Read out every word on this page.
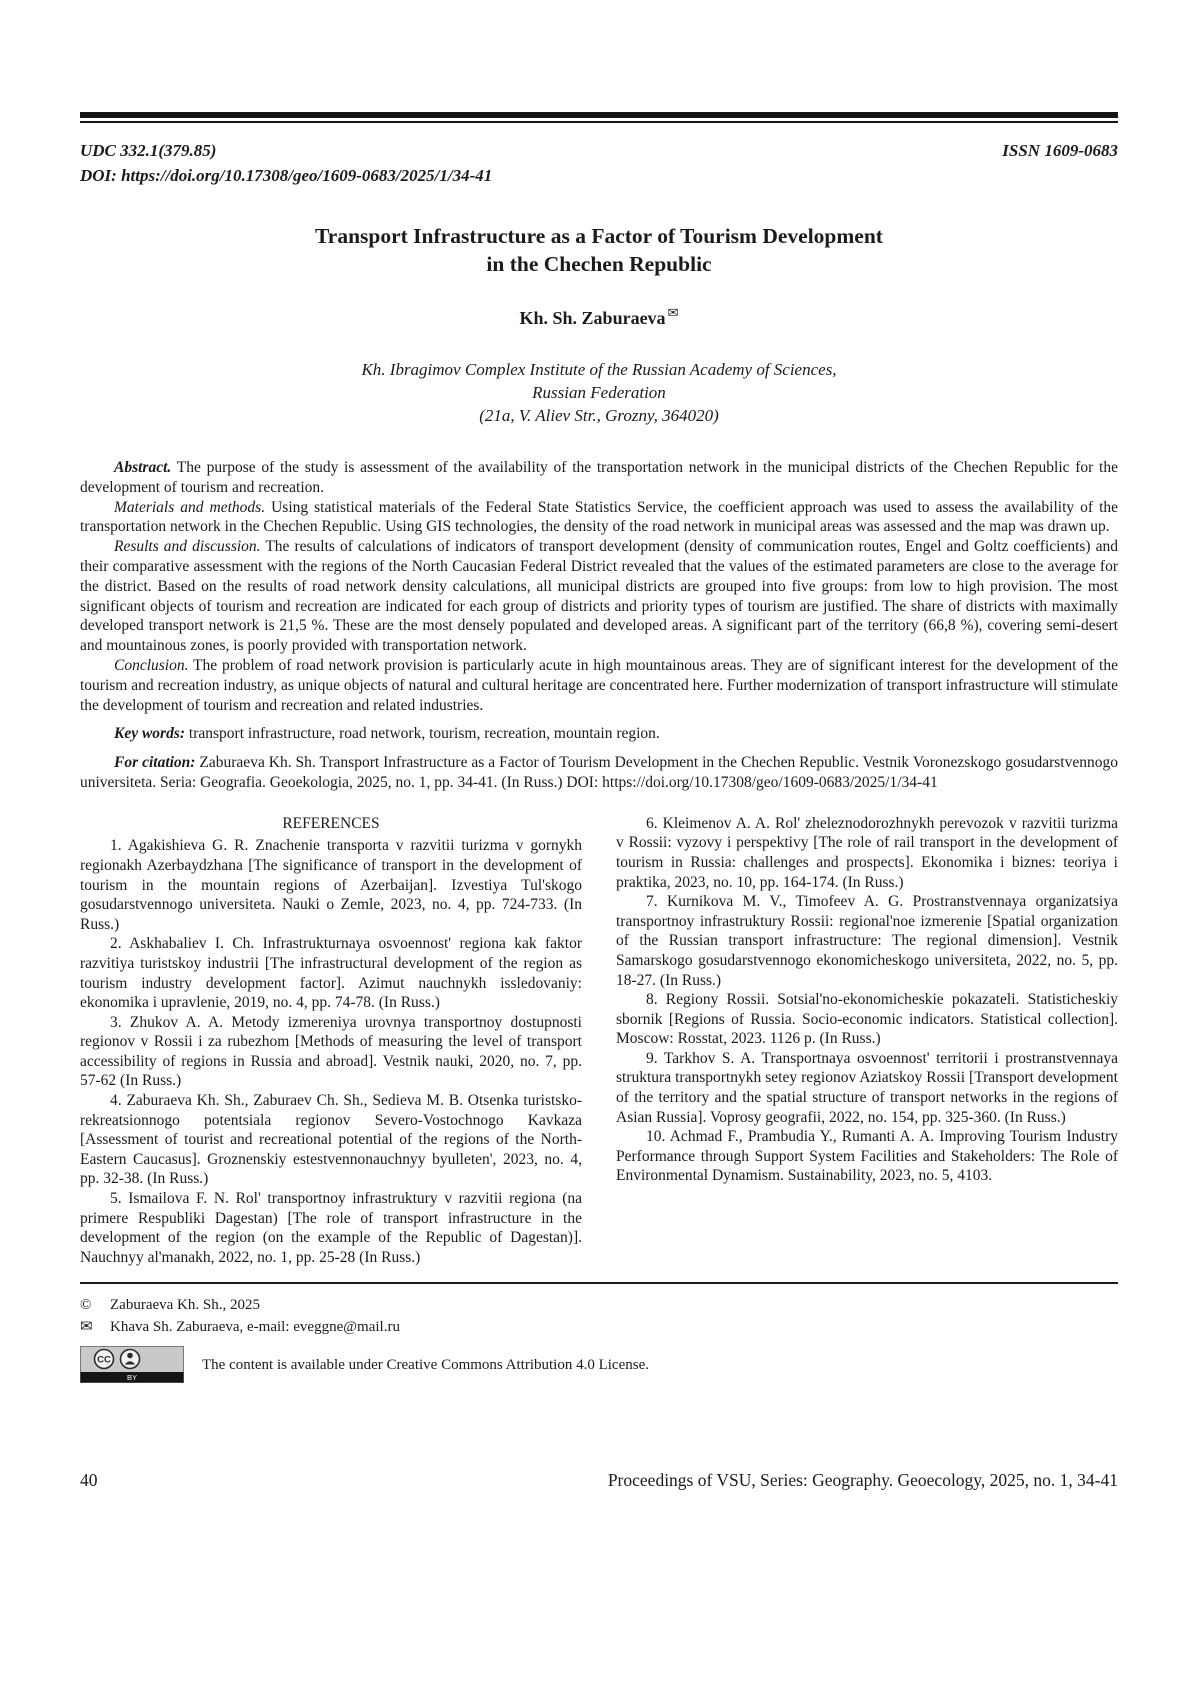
UDC 332.1(379.85)	ISSN 1609-0683
DOI: https://doi.org/10.17308/geo/1609-0683/2025/1/34-41
Transport Infrastructure as a Factor of Tourism Development
in the Chechen Republic
Kh. Sh. Zaburaeva ✉
Kh. Ibragimov Complex Institute of the Russian Academy of Sciences,
Russian Federation
(21a, V. Aliev Str., Grozny, 364020)

Abstract. The purpose of the study is assessment of the availability of the transportation network in the municipal districts of the Chechen Republic for the development of tourism and recreation.

Materials and methods. Using statistical materials of the Federal State Statistics Service, the coefficient approach was used to assess the availability of the transportation network in the Chechen Republic. Using GIS technologies, the density of the road network in municipal areas was assessed and the map was drawn up.

Results and discussion. The results of calculations of indicators of transport development (density of communication routes, Engel and Goltz coefficients) and their comparative assessment with the regions of the North Caucasian Federal District revealed that the values of the estimated parameters are close to the average for the district. Based on the results of road network density calculations, all municipal districts are grouped into five groups: from low to high provision. The most significant objects of tourism and recreation are indicated for each group of districts and priority types of tourism are justified. The share of districts with maximally developed transport network is 21,5 %. These are the most densely populated and developed areas. A significant part of the territory (66,8 %), covering semi-desert and mountainous zones, is poorly provided with transportation network.

Conclusion. The problem of road network provision is particularly acute in high mountainous areas. They are of significant interest for the development of the tourism and recreation industry, as unique objects of natural and cultural heritage are concentrated here. Further modernization of transport infrastructure will stimulate the development of tourism and recreation and related industries.

Key words: transport infrastructure, road network, tourism, recreation, mountain region.

For citation: Zaburaeva Kh. Sh. Transport Infrastructure as a Factor of Tourism Development in the Chechen Republic. Vestnik Voronezskogo gosudarstvennogo universiteta. Seria: Geografia. Geoekologia, 2025, no. 1, pp. 34-41. (In Russ.) DOI: https://doi.org/10.17308/geo/1609-0683/2025/1/34-41

REFERENCES

1. Agakishieva G. R. Znachenie transporta v razvitii turizma v gornykh regionakh Azerbaydzhana [The significance of transport in the development of tourism in the mountain regions of Azerbaijan]. Izvestiya Tul'skogo gosudarstvennogo universiteta. Nauki o Zemle, 2023, no. 4, pp. 724-733. (In Russ.)

2. Askhabaliev I. Ch. Infrastrukturnaya osvoennost' regiona kak faktor razvitiya turistskoy industrii [The infrastructural development of the region as tourism industry development factor]. Azimut nauchnykh issledovaniy: ekonomika i upravlenie, 2019, no. 4, pp. 74-78. (In Russ.)

3. Zhukov A. A. Metody izmereniya urovnya transportnoy dostupnosti regionov v Rossii i za rubezhom [Methods of measuring the level of transport accessibility of regions in Russia and abroad]. Vestnik nauki, 2020, no. 7, pp. 57-62 (In Russ.)

4. Zaburaeva Kh. Sh., Zaburaev Ch. Sh., Sedieva M. B. Otsenka turistsko-rekreatsionnogo potentsiala regionov Severo-Vostochnogo Kavkaza [Assessment of tourist and recreational potential of the regions of the North-Eastern Caucasus]. Groznenskiy estestvennonauchnyy byulleten', 2023, no. 4, pp. 32-38. (In Russ.)

5. Ismailova F. N. Rol' transportnoy infrastruktury v razvitii regiona (na primere Respubliki Dagestan) [The role of transport infrastructure in the development of the region (on the example of the Republic of Dagestan)]. Nauchnyy al'manakh, 2022, no. 1, pp. 25-28 (In Russ.)

6. Kleimenov A. A. Rol' zheleznodorozhnykh perevozok v razvitii turizma v Rossii: vyzovy i perspektivy [The role of rail transport in the development of tourism in Russia: challenges and prospects]. Ekonomika i biznes: teoriya i praktika, 2023, no. 10, pp. 164-174. (In Russ.)

7. Kurnikova M. V., Timofeev A. G. Prostranstvennaya organizatsiya transportnoy infrastruktury Rossii: regional'noe izmerenie [Spatial organization of the Russian transport infrastructure: The regional dimension]. Vestnik Samarskogo gosudarstvennogo ekonomicheskogo universiteta, 2022, no. 5, pp. 18-27. (In Russ.)

8. Regiony Rossii. Sotsial'no-ekonomicheskie pokazateli. Statisticheskiy sbornik [Regions of Russia. Socio-economic indicators. Statistical collection]. Moscow: Rosstat, 2023. 1126 p. (In Russ.)

9. Tarkhov S. A. Transportnaya osvoennost' territorii i prostranstvennaya struktura transportnykh setey regionov Aziatskoy Rossii [Transport development of the territory and the spatial structure of transport networks in the regions of Asian Russia]. Voprosy geografii, 2022, no. 154, pp. 325-360. (In Russ.)

10. Achmad F., Prambudia Y., Rumanti A. A. Improving Tourism Industry Performance through Support System Facilities and Stakeholders: The Role of Environmental Dynamism. Sustainability, 2023, no. 5, 4103.

©	Zaburaeva Kh. Sh., 2025
✉	Khava Sh. Zaburaeva, e-mail: eveggne@mail.ru
CC
BY
The content is available under Creative Commons Attribution 4.0 License.
40	Proceedings of VSU, Series: Geography. Geoecology, 2025, no. 1, 34-41
